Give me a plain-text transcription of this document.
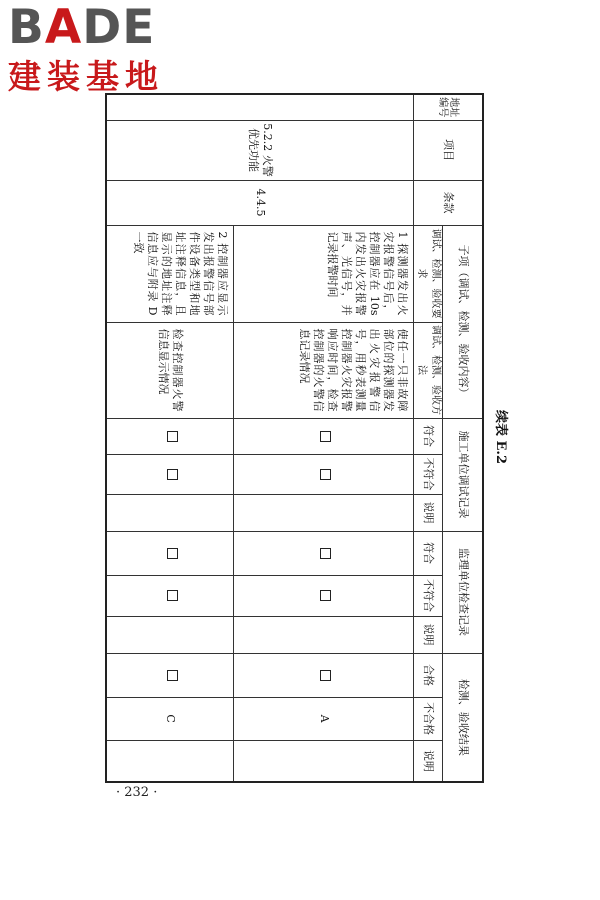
BADE
建装基地
续表 E.2
地址编号	项目	条款	子项（调试、检测、验收内容）		施工单位调试记录			监理单位检查记录			检测、验收结果		
			调试、检测、验收要求	调试、检测、验收方法	符合	不符合	说明	符合	不符合	说明	合格	不合格	说明
	5.2.2 火警优先功能	4.4.5	1 探测器发出火灾报警信号后，控制器应在 10s 内发出火灾报警声、光信号，并记录报警时间	使任一只非故障部位的探测器发出火灾报警信号，用秒表测量控制器火灾报警响应时间，检查控制器的火警信息记录情况								A	
			2 控制器应显示发出报警信号部件设备类型和地址注释信息，且显示的地址注释信息应与附录 D 一致	检查控制器火警信息显示情况								C	
· 232 ·
